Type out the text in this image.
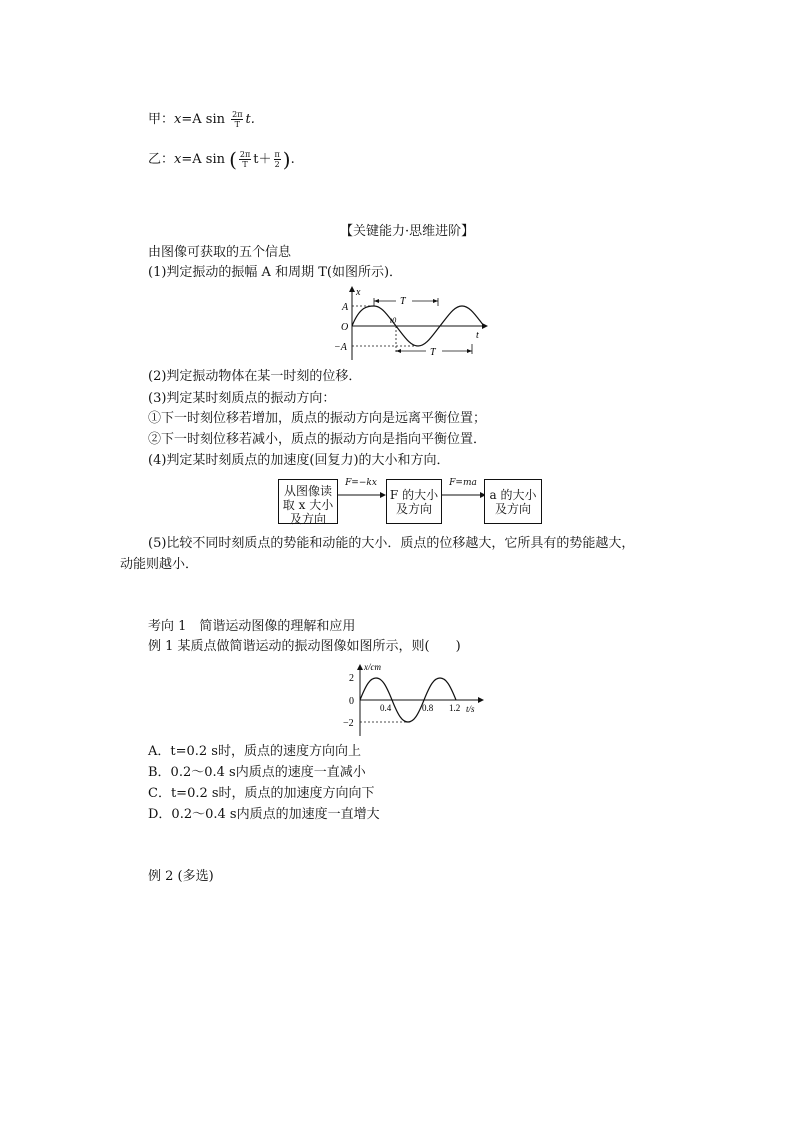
甲：x=A $\sin \frac{2\pi}{T} t$.
乙：x=A sin ( $\frac{2\pi}{T} t+ \frac{\pi}{2}$ ).
【关键能力·思维进阶】
由图像可获取的五个信息
(1)判定振动的振幅 A 和周期 T(如图所示)．
x
t
A
O
−A
T
T
t0
(2)判定振动物体在某一时刻的位移．
(3)判定某时刻质点的振动方向：
①下一时刻位移若增加，质点的振动方向是远离平衡位置；
②下一时刻位移若减小，质点的振动方向是指向平衡位置．
(4)判定某时刻质点的加速度(回复力)的大小和方向．
从图像读取 x 大小及方向
F=−kx
F 的大小及方向
F=ma
a 的大小及方向
(5)比较不同时刻质点的势能和动能的大小．质点的位移越大，它所具有的势能越大，
动能则越小．
考向 1　简谐运动图像的理解和应用
例 1 某质点做简谐运动的振动图像如图所示，则(　　)
x/cm
t/s
2
0
−2
0.4	0.8 1.2
A．t=0.2 s时，质点的速度方向向上
B．0.2～0.4 s内质点的速度一直减小
C．t=0.2 s时，质点的加速度方向向下
D．0.2～0.4 s内质点的加速度一直增大
例 2 (多选)
